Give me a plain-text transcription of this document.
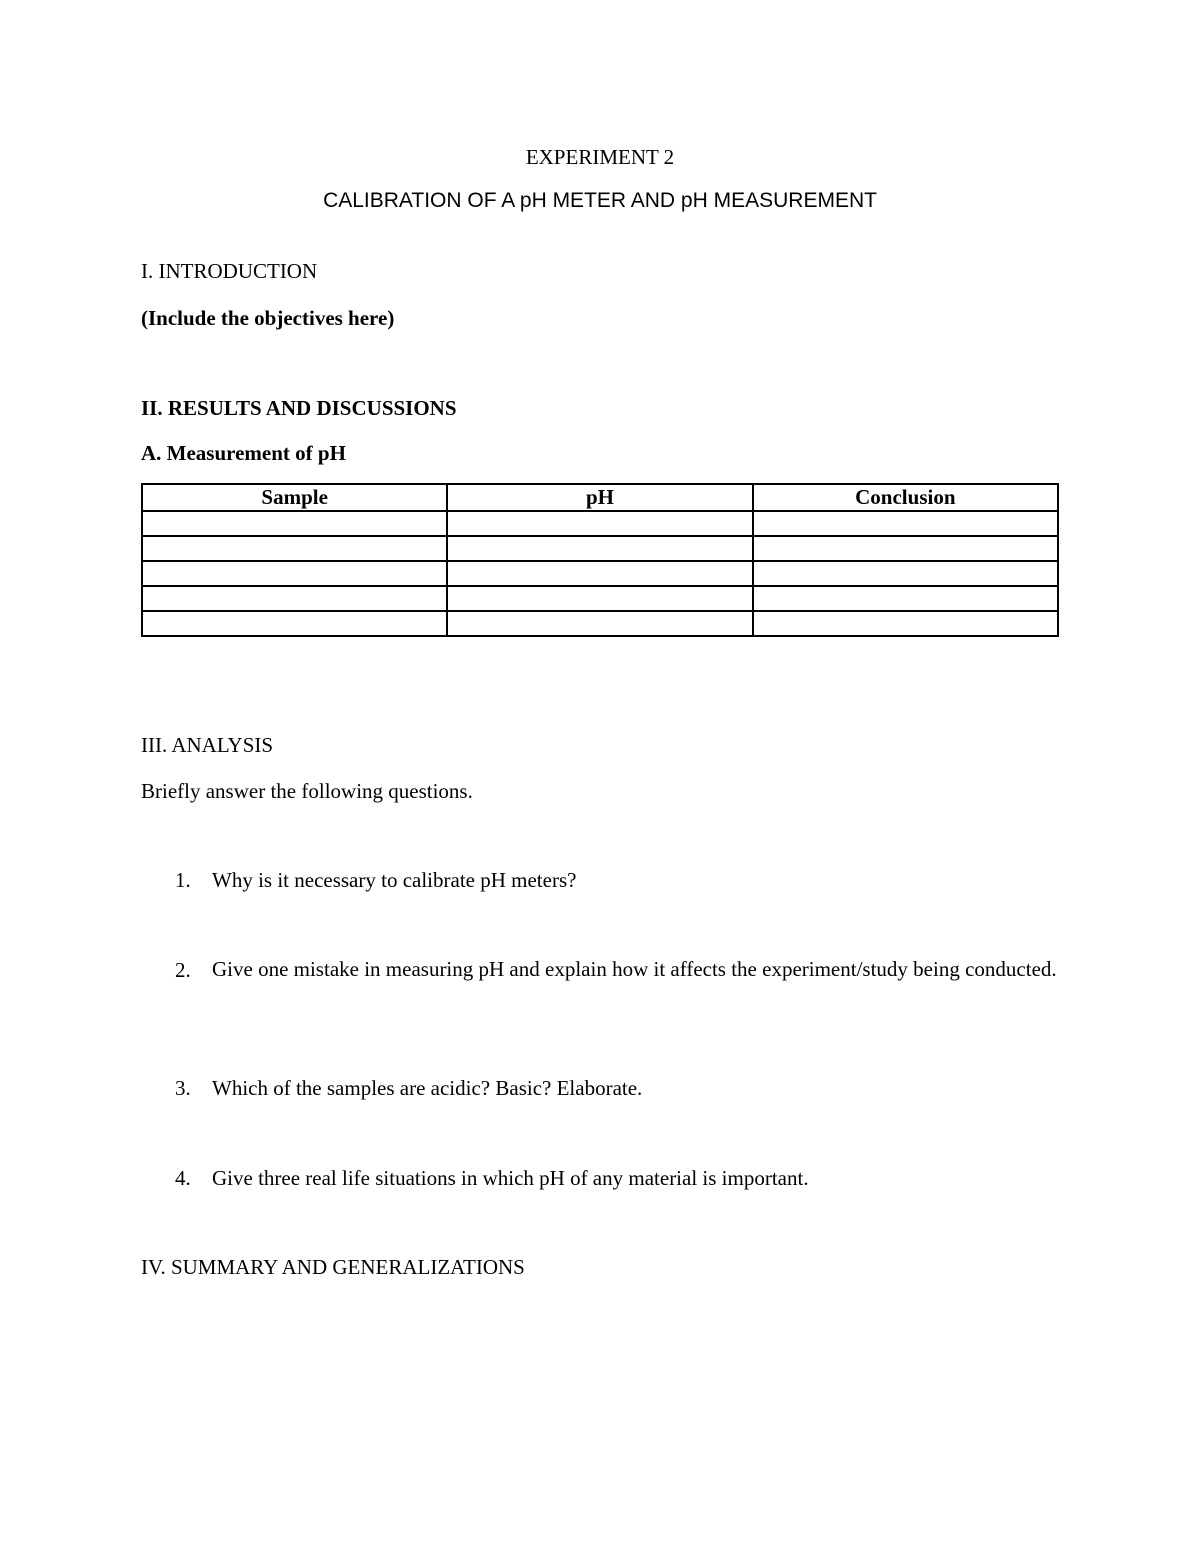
EXPERIMENT 2

CALIBRATION OF A pH METER AND pH MEASUREMENT

I. INTRODUCTION

(Include the objectives here)

II. RESULTS AND DISCUSSIONS

A. Measurement of pH

Sample	pH	Conclusion

III. ANALYSIS

Briefly answer the following questions.

1. Why is it necessary to calibrate pH meters?

2. Give one mistake in measuring pH and explain how it affects the experiment/study being conducted.

3. Which of the samples are acidic? Basic? Elaborate.

4. Give three real life situations in which pH of any material is important.

IV. SUMMARY AND GENERALIZATIONS
